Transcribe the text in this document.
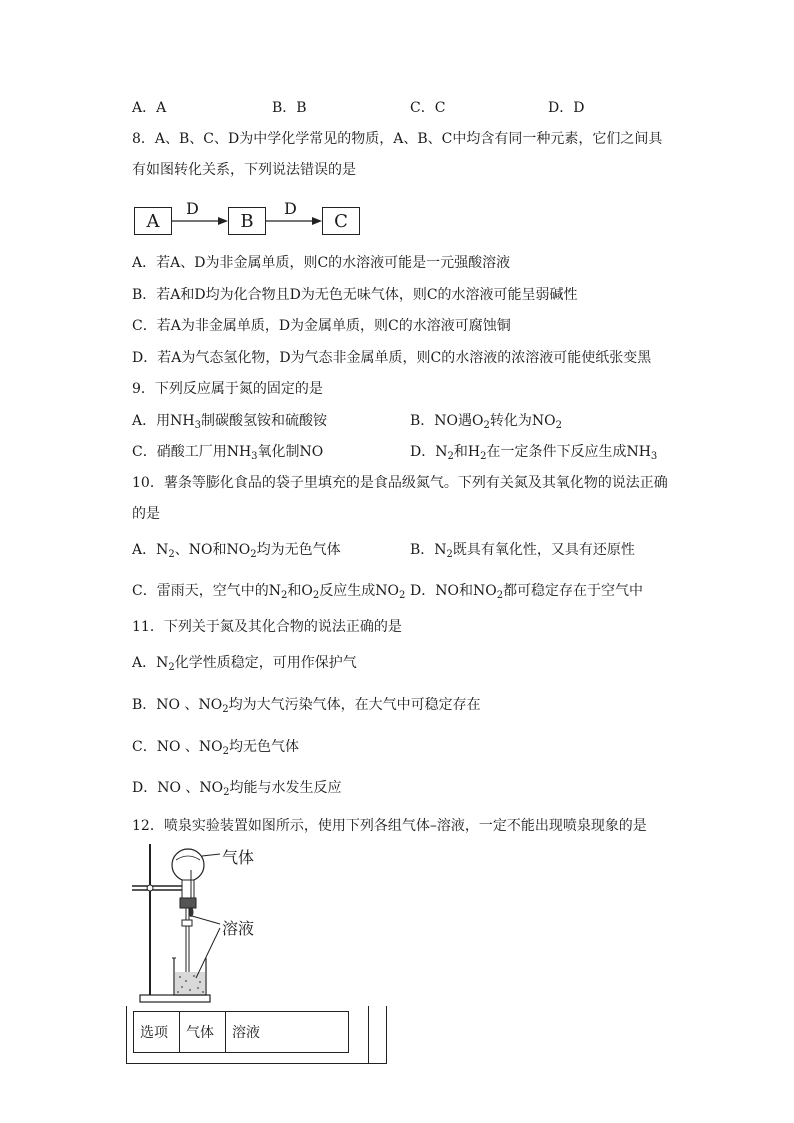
A．A	B．B	C．C	D．D
8．A、B、C、D为中学化学常见的物质，A、B、C中均含有同一种元素，它们之间具
有如图转化关系，下列说法错误的是
A
D
B
D
C
A．若A、D为非金属单质，则C的水溶液可能是一元强酸溶液
B．若A和D均为化合物且D为无色无味气体，则C的水溶液可能呈弱碱性
C．若A为非金属单质，D为金属单质，则C的水溶液可腐蚀铜
D．若A为气态氢化物，D为气态非金属单质，则C的水溶液的浓溶液可能使纸张变黑
9．下列反应属于氮的固定的是
A．用$NH_3$制碳酸氢铵和硫酸铵	B．NO遇$O_2$转化为$NO_2$
C．硝酸工厂用$NH_3$氧化制NO	D．$N_2$和$H_2$在一定条件下反应生成$NH_3$
10．薯条等膨化食品的袋子里填充的是食品级氮气。下列有关氮及其氧化物的说法正确
的是
A．$N_2$、NO和$NO_2$均为无色气体	B．$N_2$既具有氧化性，又具有还原性
C．雷雨天，空气中的$N_2$和$O_2$反应生成$NO_2$ D．NO和$NO_2$都可稳定存在于空气中
11．下列关于氮及其化合物的说法正确的是
A．$N_2$化学性质稳定，可用作保护气
B．NO 、$NO_2$均为大气污染气体，在大气中可稳定存在
C．NO 、$NO_2$均无色气体
D．NO 、$NO_2$均能与水发生反应
12．喷泉实验装置如图所示，使用下列各组气体–溶液，一定不能出现喷泉现象的是
气体
溶液
选项	气体	溶液
